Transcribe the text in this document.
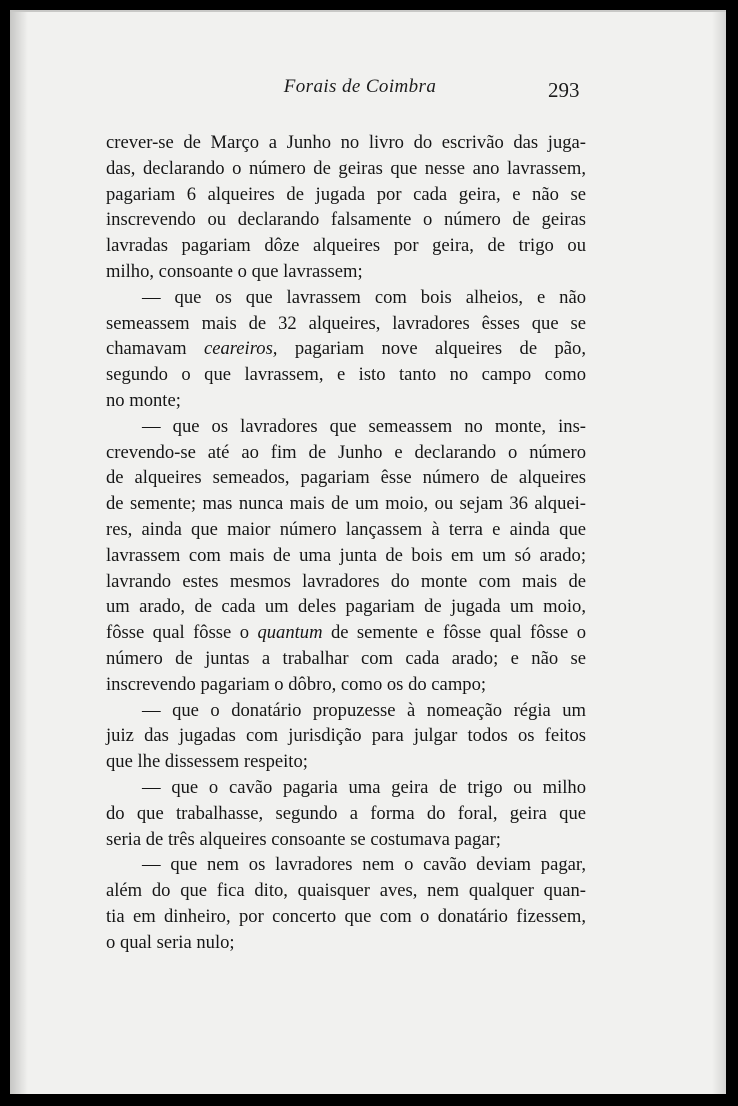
Forais de Coimbra	293
crever-se de Março a Junho no livro do escrivão das juga-
das, declarando o número de geiras que nesse ano lavrassem,
pagariam 6 alqueires de jugada por cada geira, e não se
inscrevendo ou declarando falsamente o número de geiras
lavradas pagariam dôze alqueires por geira, de trigo ou
milho, consoante o que lavrassem;
— que os que lavrassem com bois alheios, e não
semeassem mais de 32 alqueires, lavradores êsses que se
chamavam ceareiros, pagariam nove alqueires de pão,
segundo o que lavrassem, e isto tanto no campo como
no monte;
— que os lavradores que semeassem no monte, ins-
crevendo-se até ao fim de Junho e declarando o número
de alqueires semeados, pagariam êsse número de alqueires
de semente; mas nunca mais de um moio, ou sejam 36 alquei-
res, ainda que maior número lançassem à terra e ainda que
lavrassem com mais de uma junta de bois em um só arado;
lavrando estes mesmos lavradores do monte com mais de
um arado, de cada um deles pagariam de jugada um moio,
fôsse qual fôsse o quantum de semente e fôsse qual fôsse o
número de juntas a trabalhar com cada arado; e não se
inscrevendo pagariam o dôbro, como os do campo;
— que o donatário propuzesse à nomeação régia um
juiz das jugadas com jurisdição para julgar todos os feitos
que lhe dissessem respeito;
— que o cavão pagaria uma geira de trigo ou milho
do que trabalhasse, segundo a forma do foral, geira que
seria de três alqueires consoante se costumava pagar;
— que nem os lavradores nem o cavão deviam pagar,
além do que fica dito, quaisquer aves, nem qualquer quan-
tia em dinheiro, por concerto que com o donatário fizessem,
o qual seria nulo;
